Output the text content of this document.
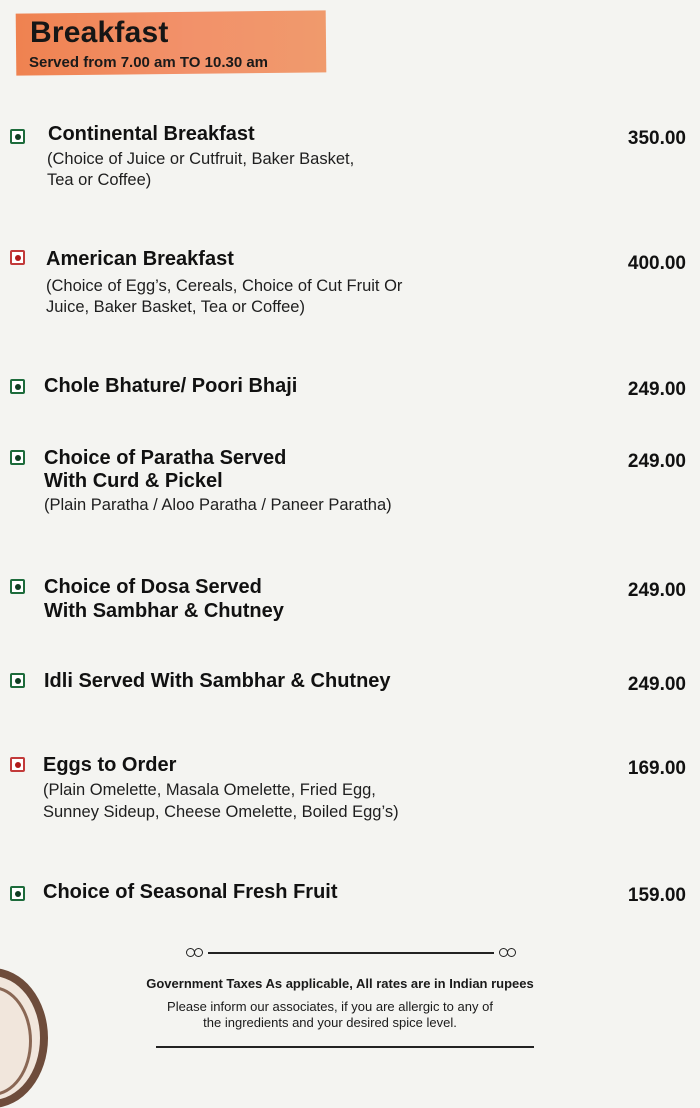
Breakfast
Served from 7.00 am TO 10.30 am
Continental Breakfast
(Choice of Juice or Cutfruit, Baker Basket,
Tea or Coffee)
350.00
American Breakfast
(Choice of Egg’s, Cereals, Choice of Cut Fruit Or
Juice, Baker Basket, Tea or Coffee)
400.00
Chole Bhature/ Poori Bhaji	249.00
Choice of Paratha Served
With Curd & Pickel
(Plain Paratha / Aloo Paratha / Paneer Paratha)
249.00
Choice of Dosa Served
With Sambhar & Chutney
249.00
Idli Served With Sambhar & Chutney	249.00
Eggs to Order
(Plain Omelette, Masala Omelette, Fried Egg,
Sunney Sideup, Cheese Omelette, Boiled Egg’s)
169.00
Choice of Seasonal Fresh Fruit	159.00
Government Taxes As applicable, All rates are in Indian rupees
Please inform our associates, if you are allergic to any of
the ingredients and your desired spice level.
